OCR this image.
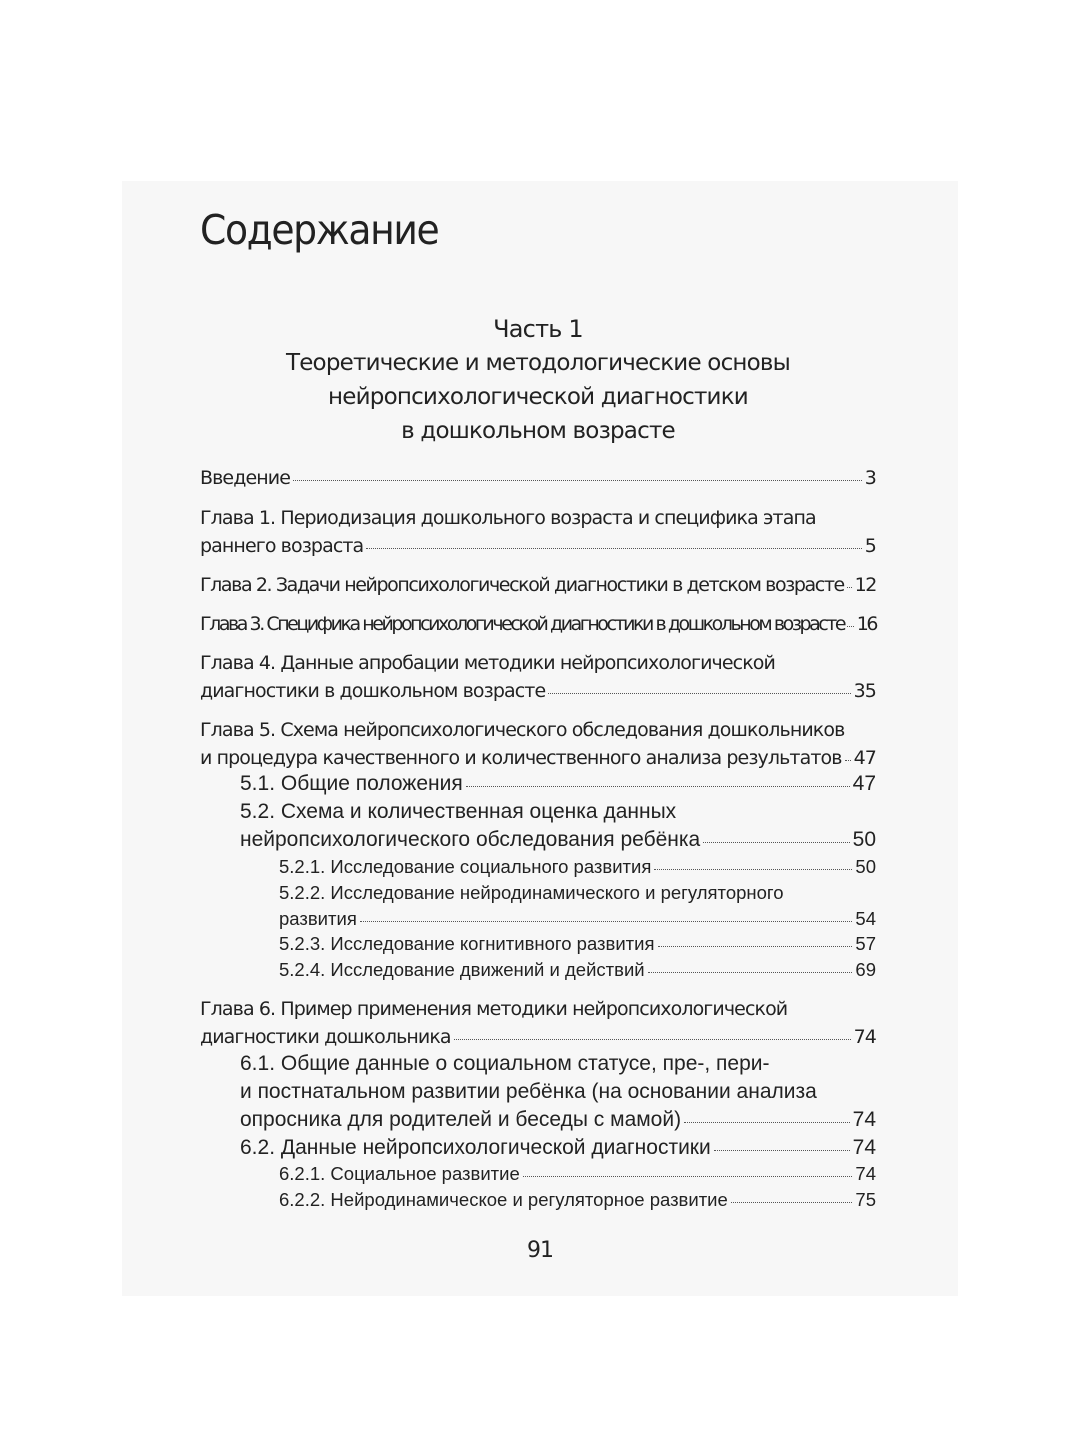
Содержание
Часть 1
Теоретические и методологические основы
нейропсихологической диагностики
в дошкольном возрасте
Введение	3
Глава 1. Периодизация дошкольного возраста и специфика этапа
раннего возраста	5
Глава 2. Задачи нейропсихологической диагностики в детском возрасте 12
Глава 3. Специфика нейропсихологической диагностики в дошкольном возрасте 16
Глава 4. Данные апробации методики нейропсихологической
диагностики в дошкольном возрасте	35
Глава 5. Схема нейропсихологического обследования дошкольников
и процедура качественного и количественного анализа результатов 47
5.1. Общие положения	47
5.2. Схема и количественная оценка данных
нейропсихологического обследования ребёнка	50
5.2.1. Исследование социального развития	50
5.2.2. Исследование нейродинамического и регуляторного
развития	54
5.2.3. Исследование когнитивного развития	57
5.2.4. Исследование движений и действий	69
Глава 6. Пример применения методики нейропсихологической
диагностики дошкольника	74
6.1. Общие данные о социальном статусе, пре-, пери-
и постнатальном развитии ребёнка (на основании анализа
опросника для родителей и беседы с мамой)	74
6.2. Данные нейропсихологической диагностики	74
6.2.1. Социальное развитие	74
6.2.2. Нейродинамическое и регуляторное развитие	75
91
